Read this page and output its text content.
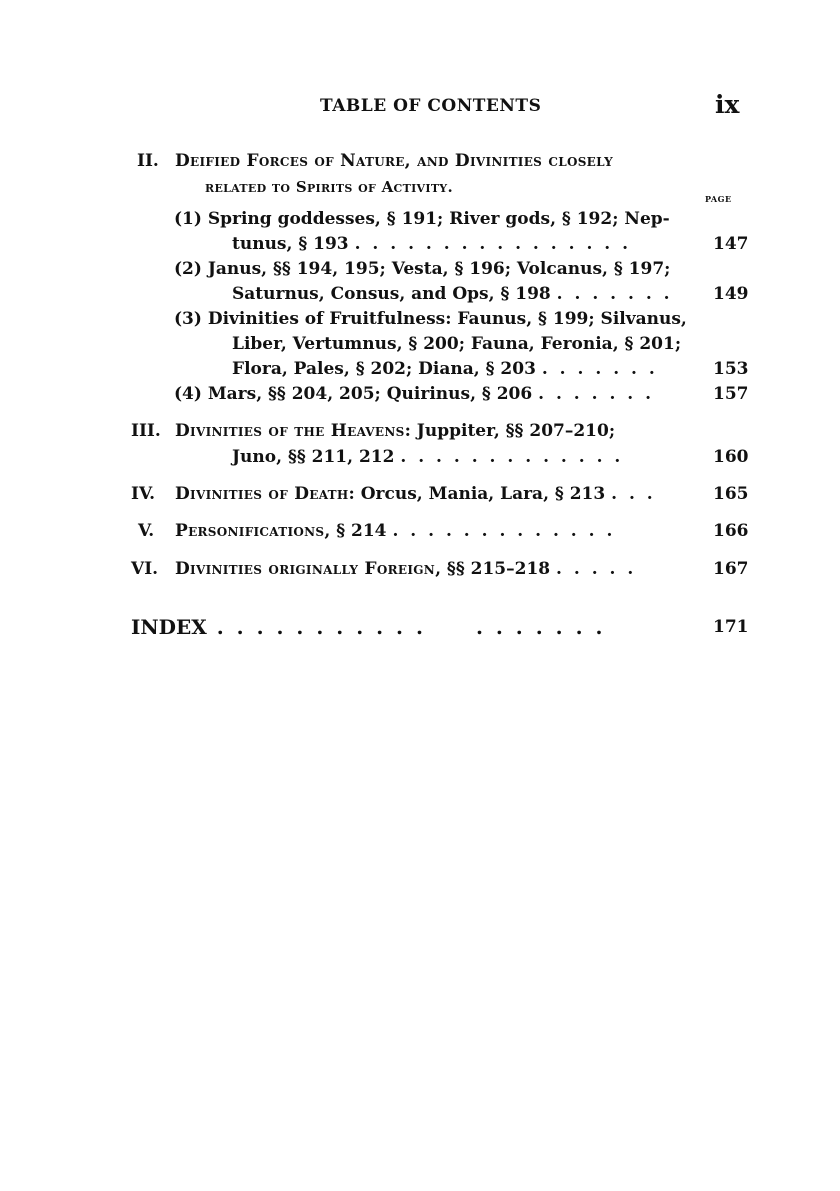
TABLE OF CONTENTS	ix
II. Deified Forces of Nature, and Divinities closely
related to Spirits of Activity.
PAGE
(1) Spring goddesses, § 191; River gods, § 192; Nep-
tunus, § 193 . . . . . . . . . . . . . . . .	147
(2) Janus, §§ 194, 195; Vesta, § 196; Volcanus, § 197;
Saturnus, Consus, and Ops, § 198 . . . . . . . 149
(3) Divinities of Fruitfulness: Faunus, § 199; Silvanus,
Liber, Vertumnus, § 200; Fauna, Feronia, § 201;
Flora, Pales, § 202; Diana, § 203 . . . . . . .	153
(4) Mars, §§ 204, 205; Quirinus, § 206 . . . . . . .	157
III. Divinities of the Heavens: Juppiter, §§ 207–210;
Juno, §§ 211, 212 . . . . . . . . . . . . .	160
IV. Divinities of Death: Orcus, Mania, Lara, § 213 . . .	165
V. Personifications, § 214 . . . . . . . . . . . . .	166
VI. Divinities originally Foreign, §§ 215–218 . . . . .	167
INDEX . . . . . . . . . . .	. . . . . . .	171
